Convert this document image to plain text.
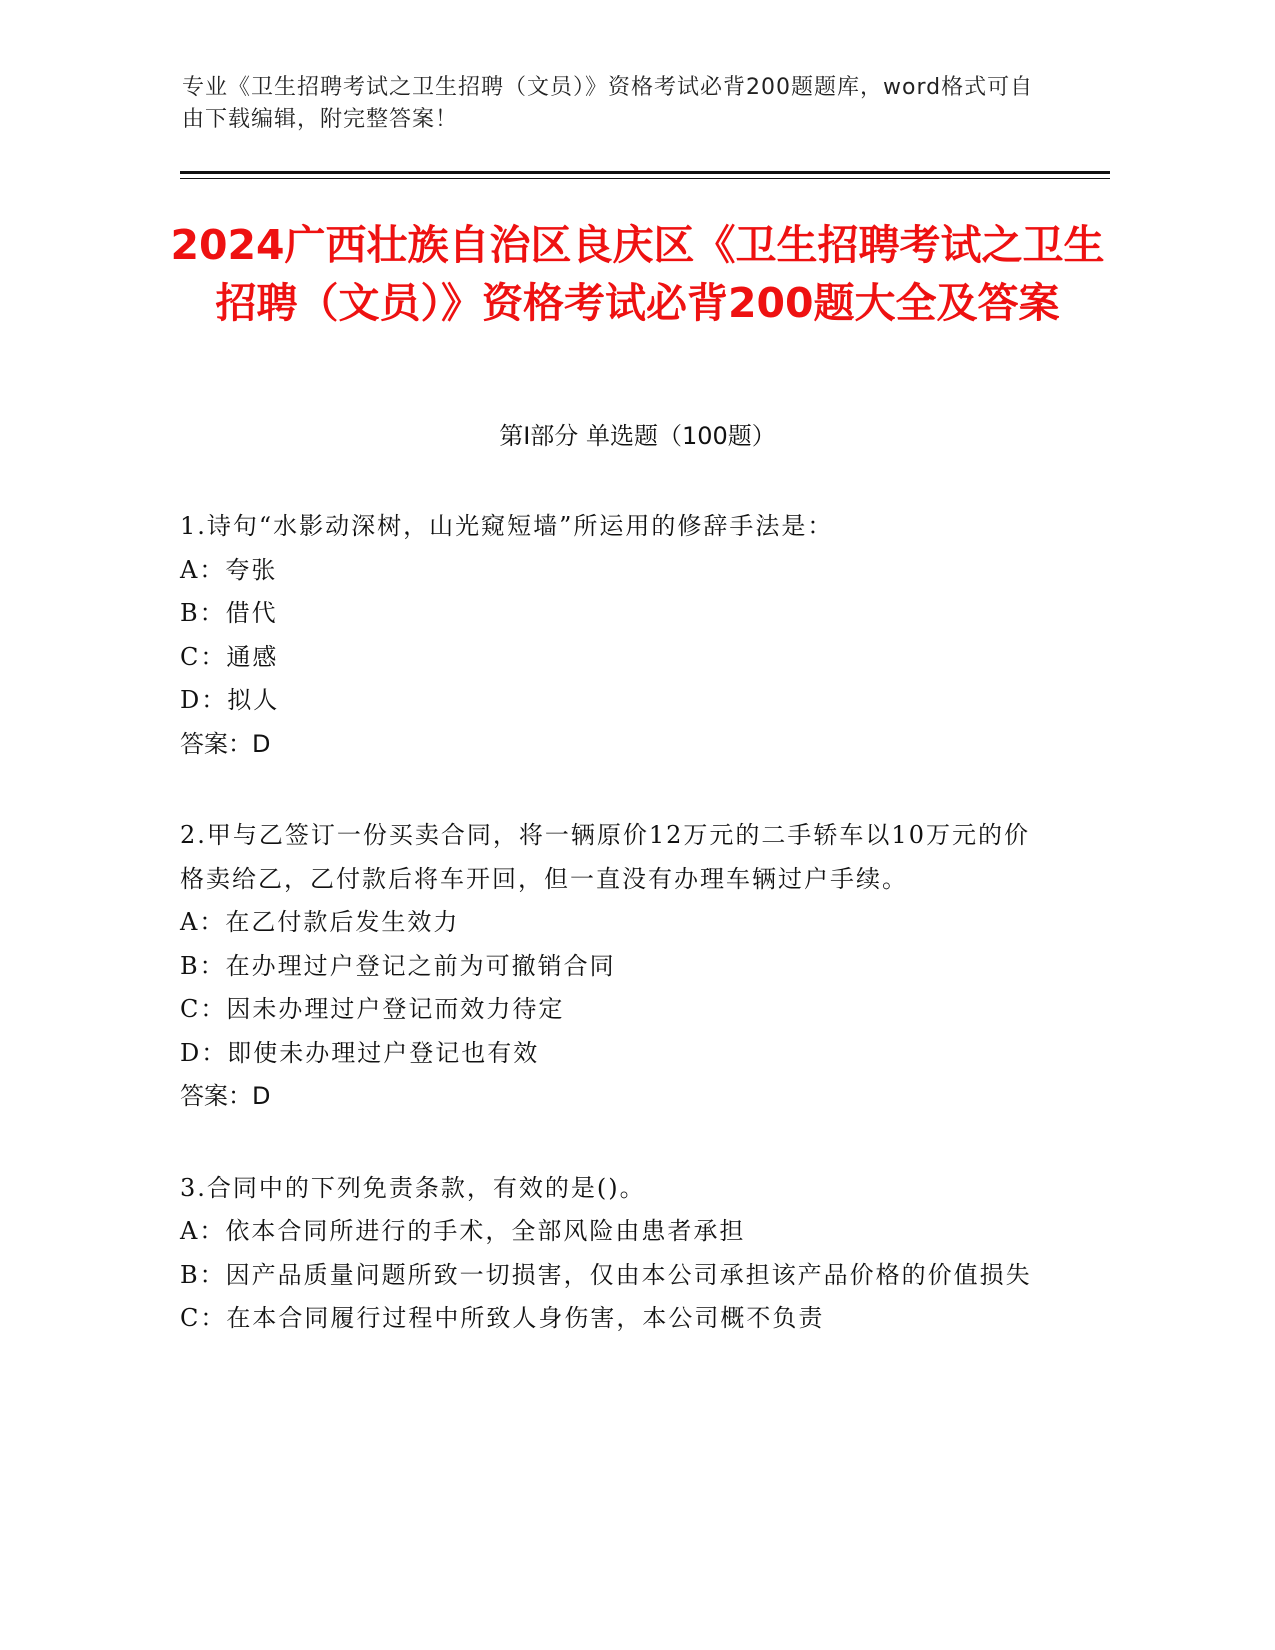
专业《卫生招聘考试之卫生招聘（文员）》资格考试必背200题题库，word格式可自由下载编辑，附完整答案！
2024广西壮族自治区良庆区《卫生招聘考试之卫生招聘（文员）》资格考试必背200题大全及答案
第I部分 单选题（100题）
1.诗句“水影动深树，山光窥短墙”所运用的修辞手法是：
A：夸张
B：借代
C：通感
D：拟人
答案：D
2.甲与乙签订一份买卖合同，将一辆原价12万元的二手轿车以10万元的价格卖给乙，乙付款后将车开回，但一直没有办理车辆过户手续。
A：在乙付款后发生效力
B：在办理过户登记之前为可撤销合同
C：因未办理过户登记而效力待定
D：即使未办理过户登记也有效
答案：D
3.合同中的下列免责条款，有效的是()。
A：依本合同所进行的手术，全部风险由患者承担
B：因产品质量问题所致一切损害，仅由本公司承担该产品价格的价值损失
C：在本合同履行过程中所致人身伤害，本公司概不负责
